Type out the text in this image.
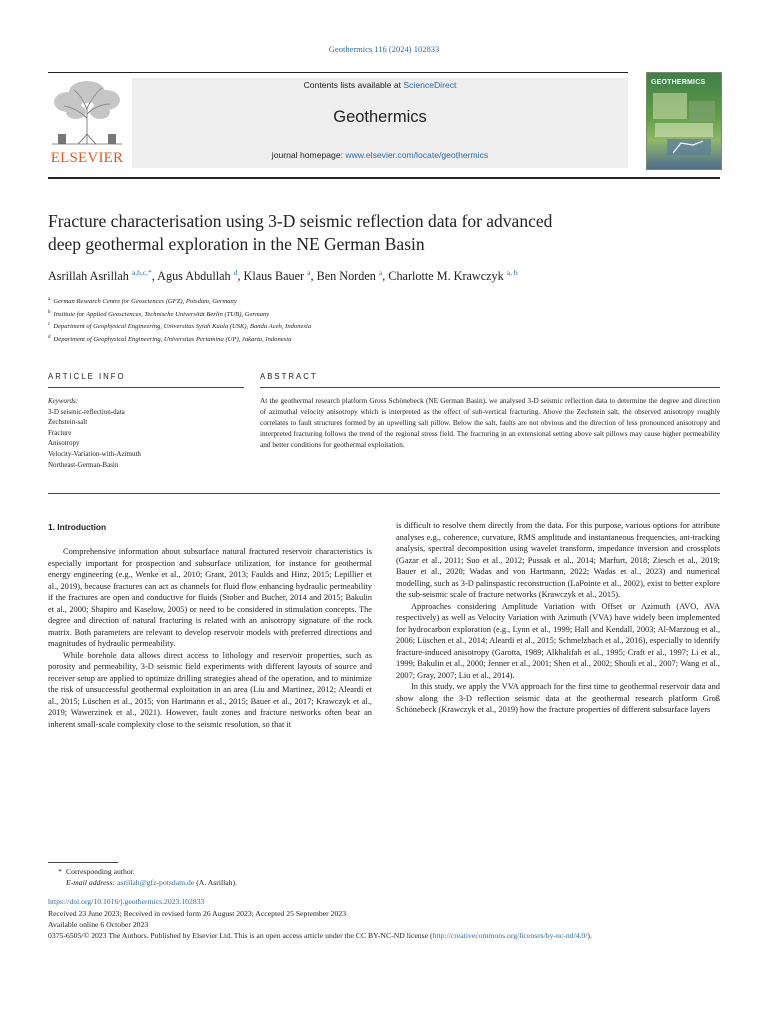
Geothermics 116 (2024) 102833
ELSEVIER
Contents lists available at ScienceDirect
Geothermics
journal homepage: www.elsevier.com/locate/geothermics
GEOTHERMICS
Fracture characterisation using 3-D seismic reflection data for advanced
deep geothermal exploration in the NE German Basin
Asrillah Asrillah $^{a,b,c,*}$, Agus Abdullah $^d$, Klaus Bauer $^a$, Ben Norden $^a$, Charlotte M. Krawczyk $^{a, b}$
$^a$ German Research Centre for Geosciences (GFZ), Potsdam, Germany
$^b$ Institute for Applied Geosciences, Technische Universität Berlin (TUB), Germany
$^c$ Department of Geophysical Engineering, Universitas Syiah Kuala (USK), Banda Aceh, Indonesia
$^d$ Department of Geophysical Engineering, Universitas Pertamina (UP), Jakarta, Indonesia
ARTICLE INFO	ABSTRACT
Keywords:
3-D seismic-reflection-data
Zechstein-salt
Fracture
Anisotropy
Velocity-Variation-with-Azimuth
Northeast-German-Basin
At the geothermal research platform Gross Schönebeck (NE German Basin), we analysed 3-D seismic reflection data to determine the degree and direction of azimuthal velocity anisotropy which is interpreted as the effect of sub-vertical fracturing. Above the Zechstein salt, the observed anisotropy roughly correlates to fault structures formed by an upwelling salt pillow. Below the salt, faults are not obvious and the direction of less pronounced anisotropy and interpreted fracturing follows the trend of the regional stress field. The fracturing in an extensional setting above salt pillows may cause higher permeability and better conditions for geothermal exploitation.
1. Introduction

Comprehensive information about subsurface natural fractured reservoir characteristics is especially important for prospection and subsurface utilization, for instance for geothermal energy engineering (e.g., Wenke et al., 2010; Grant, 2013; Faulds and Hinz, 2015; Lepillier et al., 2019), because fractures can act as channels for fluid flow enhancing hydraulic permeability if the fractures are open and conductive for fluids (Stober and Bucher, 2014 and 2015; Bakulin et al., 2000; Shapiro and Kaselow, 2005) or need to be considered in stimulation concepts. The degree and direction of natural fracturing is related with an anisotropy signature of the rock matrix. Both parameters are relevant to develop reservoir models with preferred directions and magnitudes of hydraulic permeability.

While borehole data allows direct access to lithology and reservoir properties, such as porosity and permeability, 3-D seismic field experiments with different layouts of source and receiver setup are applied to optimize drilling strategies ahead of the operation, and to minimize the risk of unsuccessful geothermal exploitation in an area (Liu and Martinez, 2012; Aleardi et al., 2015; Lüschen et al., 2015; von Hartmann et al., 2015; Bauer et al., 2017; Krawczyk et al., 2019; Wawerzinek et al., 2021). However, fault zones and fracture networks often bear an inherent small-scale complexity close to the seismic resolution, so that it

is difficult to resolve them directly from the data. For this purpose, various options for attribute analyses e.g., coherence, curvature, RMS amplitude and instantaneous frequencies, ant-tracking analysis, spectral decomposition using wavelet transform, impedance inversion and crossplots (Gazar et al., 2011; Suo et al., 2012; Pussak et al., 2014; Marfurt, 2018; Ziesch et al., 2019; Bauer et al., 2020; Wadas and von Hartmann, 2022; Wadas et al., 2023) and numerical modelling, such as 3-D palinspastic reconstruction (LaPointe et al., 2002), exist to better explore the sub-seismic scale of fracture networks (Krawczyk et al., 2015).

Approaches considering Amplitude Variation with Offset or Azimuth (AVO, AVA respectively) as well as Velocity Variation with Azimuth (VVA) have widely been implemented for hydrocarbon exploration (e.g., Lynn et al., 1999; Hall and Kendall, 2003; Al-Marzoug et al., 2006; Lüschen et al., 2014; Aleardi et al., 2015; Schmelzbach et al., 2016), especially to identify fracture-induced anisotropy (Garotta, 1989; Alkhalifah et al., 1995; Craft et al., 1997; Li et al., 1999; Bakulin et al., 2000; Jenner et al., 2001; Shen et al., 2002; Shouli et al., 2007; Wang et al., 2007; Gray, 2007; Liu et al., 2014).

In this study, we apply the VVA approach for the first time to geothermal reservoir data and show along the 3-D reflection seismic data at the geothermal research platform Groß Schönebeck (Krawczyk et al., 2019) how the fracture properties of different subsurface layers

* Corresponding author.

E-mail address: asrillah@gfz-potsdam.de (A. Asrillah).

https://doi.org/10.1016/j.geothermics.2023.102833

Received 23 June 2023; Received in revised form 26 August 2023; Accepted 25 September 2023

Available online 6 October 2023

0375-6505/© 2023 The Authors. Published by Elsevier Ltd. This is an open access article under the CC BY-NC-ND license (http://creativecommons.org/licenses/by-nc-nd/4.0/).
